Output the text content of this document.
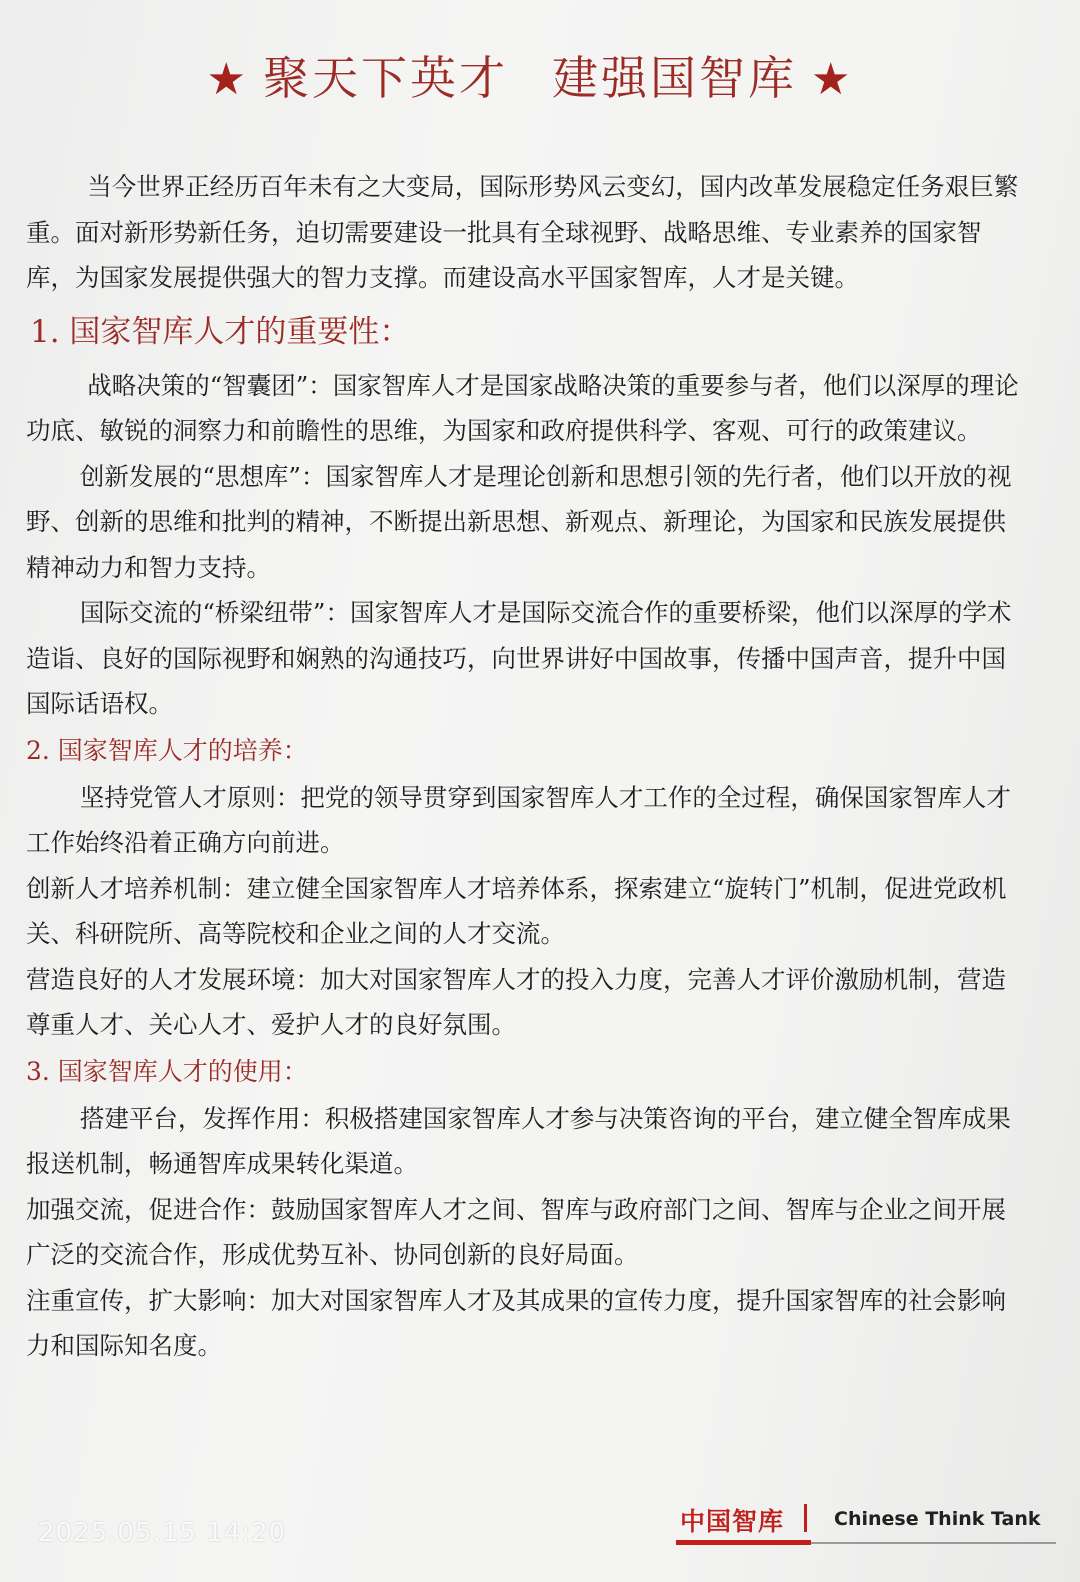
★ 聚天下英才 建强国智库 ★

当今世界正经历百年未有之大变局，国际形势风云变幻，国内改革发展稳定任务艰巨繁重。面对新形势新任务，迫切需要建设一批具有全球视野、战略思维、专业素养的国家智库，为国家发展提供强大的智力支撑。而建设高水平国家智库，人才是关键。

1. 国家智库人才的重要性：

战略决策的“智囊团”：国家智库人才是国家战略决策的重要参与者，他们以深厚的理论功底、敏锐的洞察力和前瞻性的思维，为国家和政府提供科学、客观、可行的政策建议。

创新发展的“思想库”：国家智库人才是理论创新和思想引领的先行者，他们以开放的视野、创新的思维和批判的精神，不断提出新思想、新观点、新理论，为国家和民族发展提供精神动力和智力支持。

国际交流的“桥梁纽带”：国家智库人才是国际交流合作的重要桥梁，他们以深厚的学术造诣、良好的国际视野和娴熟的沟通技巧，向世界讲好中国故事，传播中国声音，提升中国国际话语权。

2. 国家智库人才的培养：

坚持党管人才原则：把党的领导贯穿到国家智库人才工作的全过程，确保国家智库人才工作始终沿着正确方向前进。

创新人才培养机制：建立健全国家智库人才培养体系，探索建立“旋转门”机制，促进党政机关、科研院所、高等院校和企业之间的人才交流。

营造良好的人才发展环境：加大对国家智库人才的投入力度，完善人才评价激励机制，营造尊重人才、关心人才、爱护人才的良好氛围。

3. 国家智库人才的使用：

搭建平台，发挥作用：积极搭建国家智库人才参与决策咨询的平台，建立健全智库成果报送机制，畅通智库成果转化渠道。

加强交流，促进合作：鼓励国家智库人才之间、智库与政府部门之间、智库与企业之间开展广泛的交流合作，形成优势互补、协同创新的良好局面。

注重宣传，扩大影响：加大对国家智库人才及其成果的宣传力度，提升国家智库的社会影响力和国际知名度。

中国智库	Chinese Think Tank
2025.05.15 14:20
